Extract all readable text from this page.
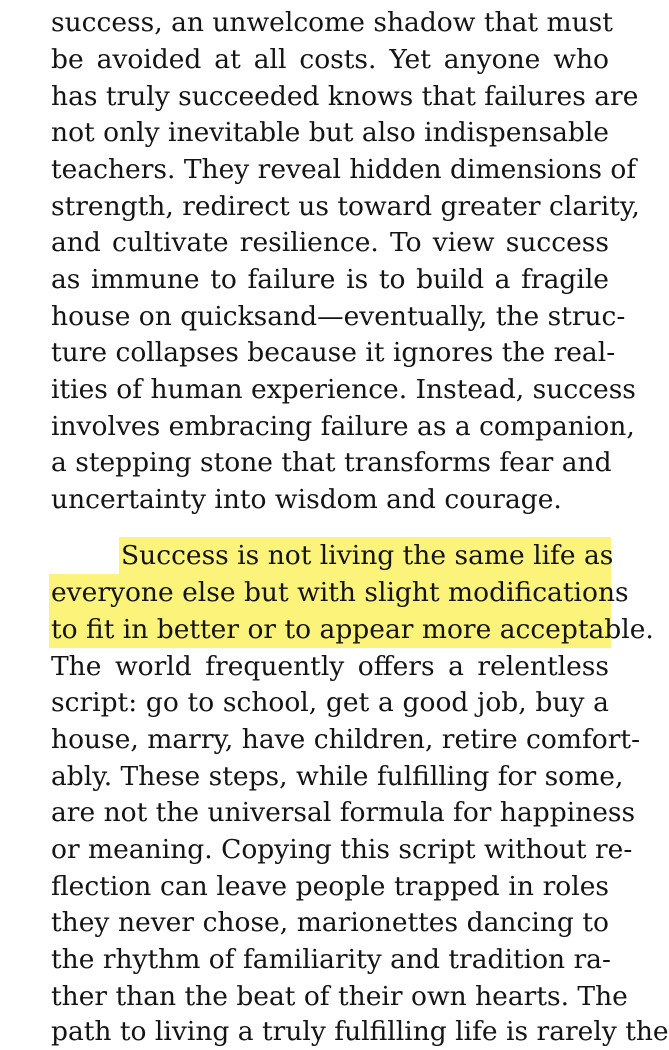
success, an unwelcome shadow that must
be avoided at all costs. Yet anyone who
has truly succeeded knows that failures are
not only inevitable but also indispensable
teachers. They reveal hidden dimensions of
strength, redirect us toward greater clarity,
and cultivate resilience. To view success
as immune to failure is to build a fragile
house on quicksand—eventually, the struc-
ture collapses because it ignores the real-
ities of human experience. Instead, success
involves embracing failure as a companion,
a stepping stone that transforms fear and
uncertainty into wisdom and courage.
Success is not living the same life as
everyone else but with slight modifications
to fit in better or to appear more acceptable.
The world frequently offers a relentless
script: go to school, get a good job, buy a
house, marry, have children, retire comfort-
ably. These steps, while fulfilling for some,
are not the universal formula for happiness
or meaning. Copying this script without re-
flection can leave people trapped in roles
they never chose, marionettes dancing to
the rhythm of familiarity and tradition ra-
ther than the beat of their own hearts. The
path to living a truly fulfilling life is rarely the
